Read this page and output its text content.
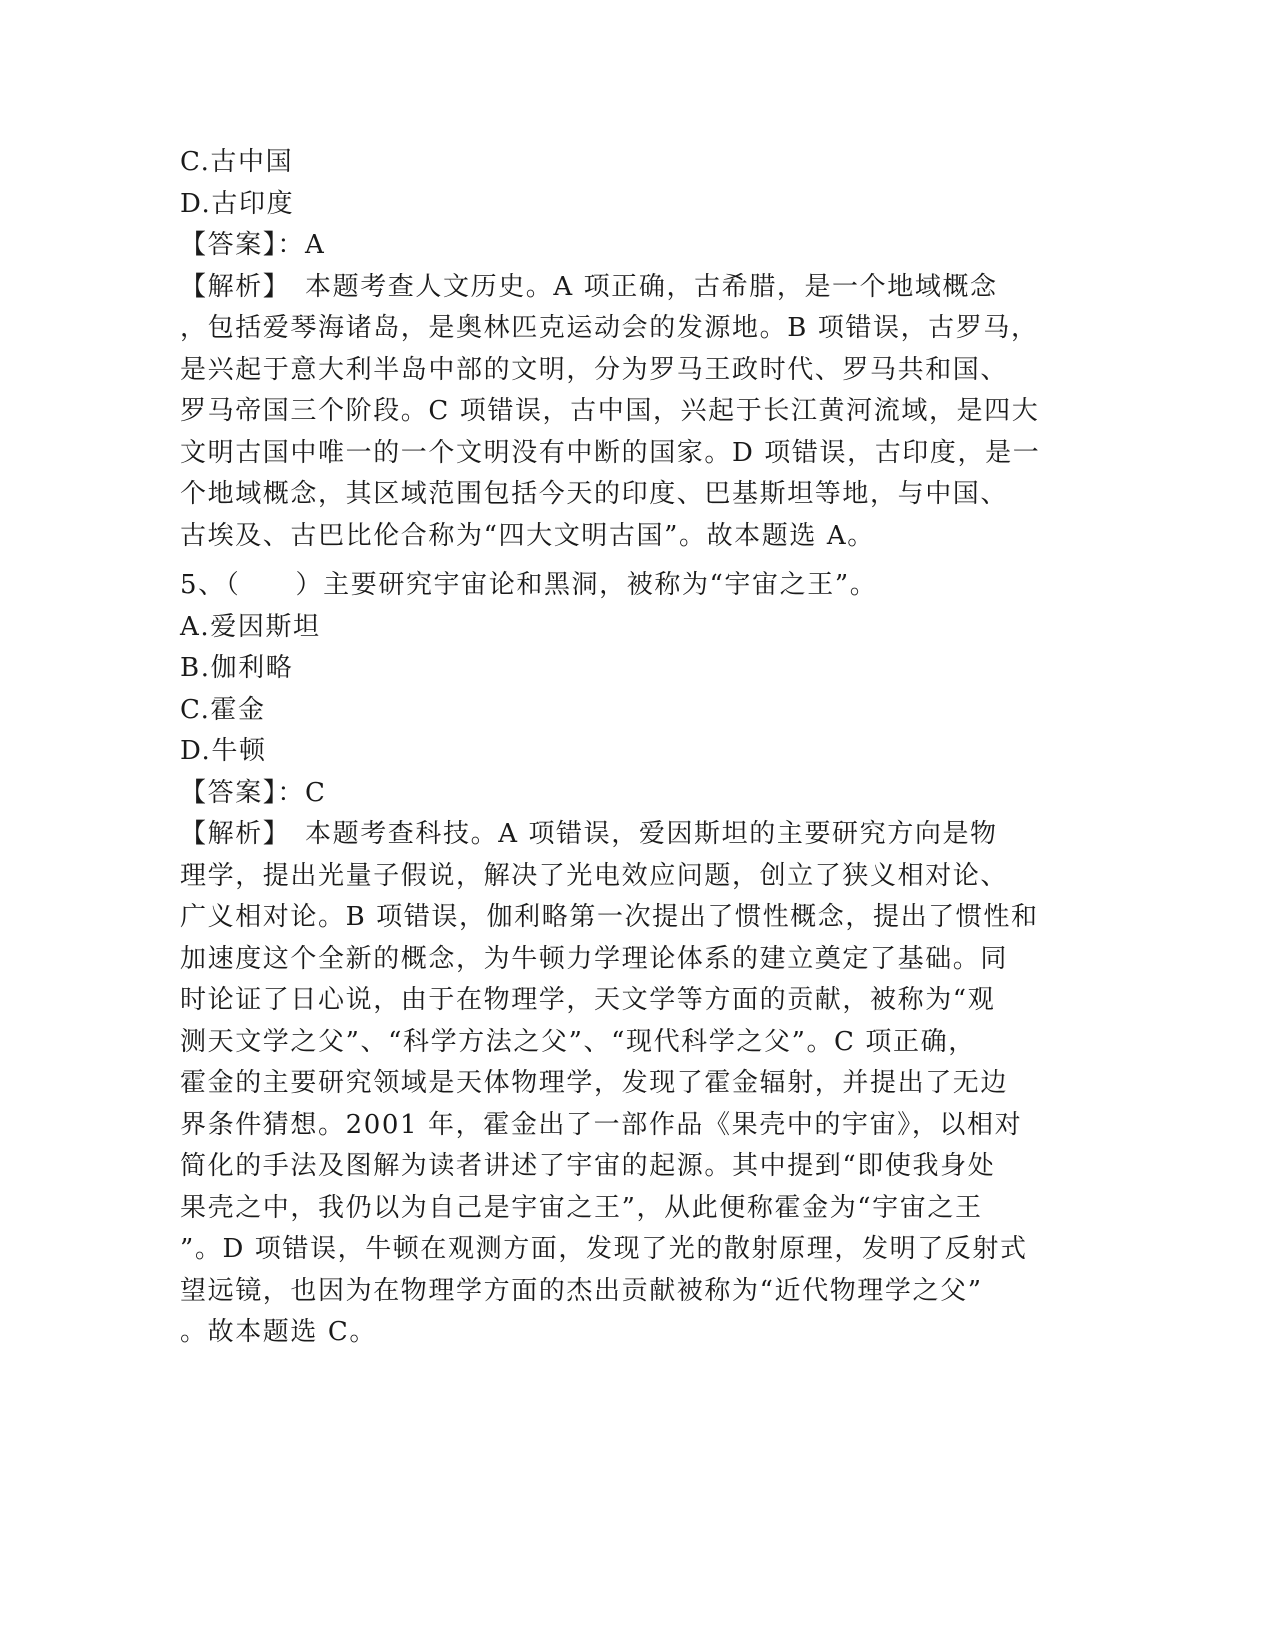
C.古中国
D.古印度
【答案】：A
【解析】　本题考查人文历史。A 项正确，古希腊，是一个地域概念
，包括爱琴海诸岛，是奥林匹克运动会的发源地。B 项错误，古罗马，
是兴起于意大利半岛中部的文明，分为罗马王政时代、罗马共和国、
罗马帝国三个阶段。C 项错误，古中国，兴起于长江黄河流域，是四大
文明古国中唯一的一个文明没有中断的国家。D 项错误，古印度，是一
个地域概念，其区域范围包括今天的印度、巴基斯坦等地，与中国、
古埃及、古巴比伦合称为“四大文明古国”。故本题选 A。
5、（　　）主要研究宇宙论和黑洞，被称为“宇宙之王”。
A.爱因斯坦
B.伽利略
C.霍金
D.牛顿
【答案】：C
【解析】　本题考查科技。A 项错误，爱因斯坦的主要研究方向是物
理学，提出光量子假说，解决了光电效应问题，创立了狭义相对论、
广义相对论。B 项错误，伽利略第一次提出了惯性概念，提出了惯性和
加速度这个全新的概念，为牛顿力学理论体系的建立奠定了基础。同
时论证了日心说，由于在物理学，天文学等方面的贡献，被称为“观
测天文学之父”、“科学方法之父”、“现代科学之父”。C 项正确，
霍金的主要研究领域是天体物理学，发现了霍金辐射，并提出了无边
界条件猜想。2001 年，霍金出了一部作品《果壳中的宇宙》，以相对
简化的手法及图解为读者讲述了宇宙的起源。其中提到“即使我身处
果壳之中，我仍以为自己是宇宙之王”，从此便称霍金为“宇宙之王
”。D 项错误，牛顿在观测方面，发现了光的散射原理，发明了反射式
望远镜，也因为在物理学方面的杰出贡献被称为“近代物理学之父”
。故本题选 C。
